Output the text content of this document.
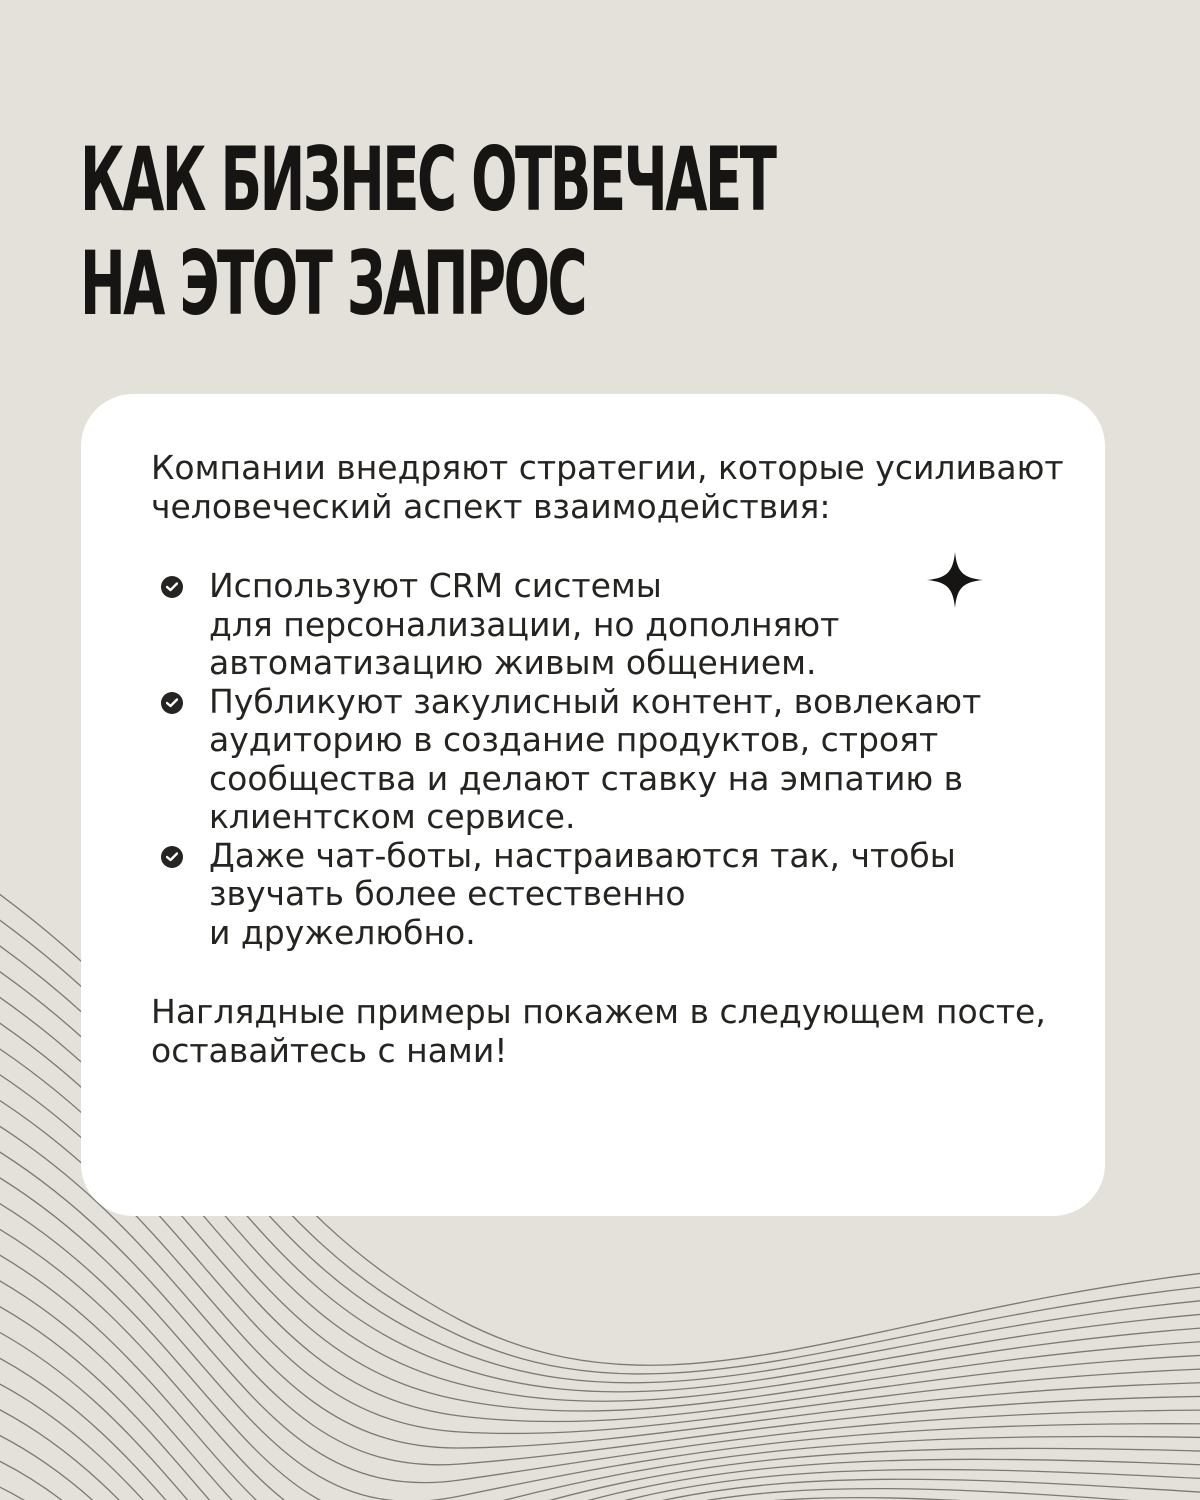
КАК БИЗНЕС ОТВЕЧАЕТ
НА ЭТОТ ЗАПРОС

Компании внедряют стратегии, которые усиливают человеческий аспект взаимодействия:

Используют CRM системы
для персонализации, но дополняют автоматизацию живым общением.
Публикуют закулисный контент, вовлекают аудиторию в создание продуктов, строят сообщества и делают ставку на эмпатию в клиентском сервисе.
Даже чат-боты, настраиваются так, чтобы звучать более естественно
и дружелюбно.

Наглядные примеры покажем в следующем посте, оставайтесь с нами!
